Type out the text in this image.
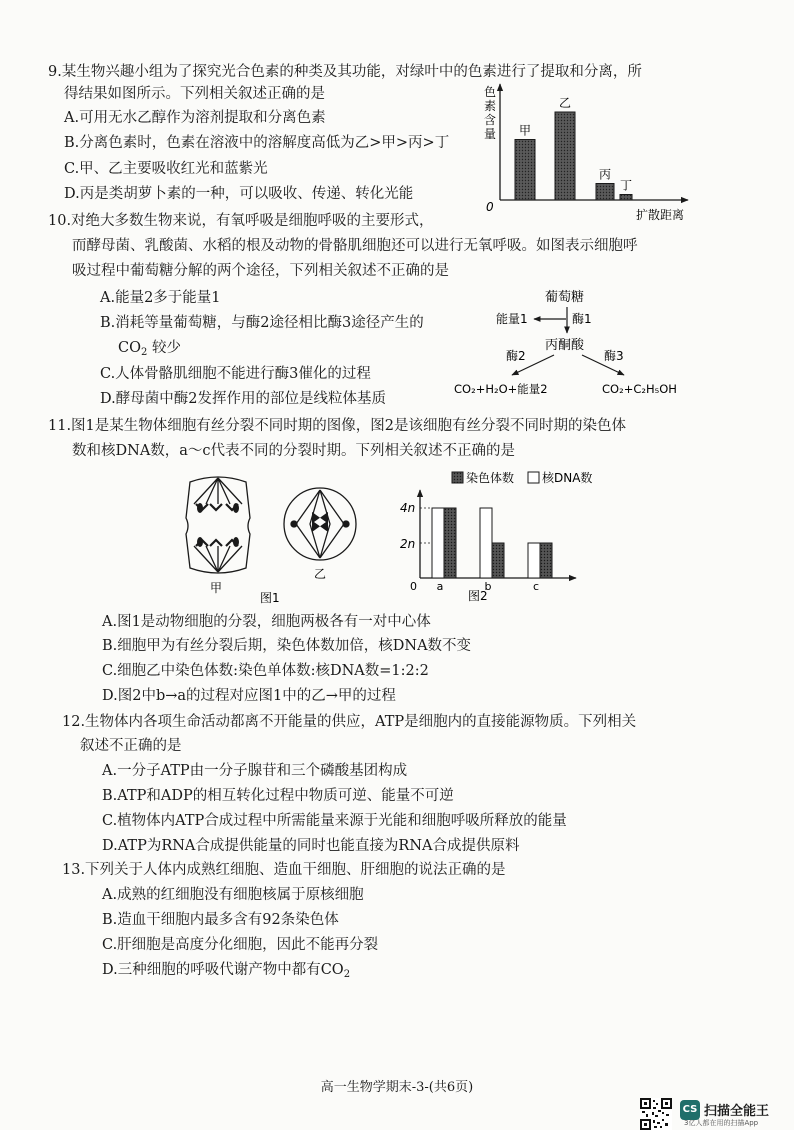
9.某生物兴趣小组为了探究光合色素的种类及其功能，对绿叶中的色素进行了提取和分离，所
得结果如图所示。下列相关叙述正确的是
A.可用无水乙醇作为溶剂提取和分离色素
B.分离色素时，色素在溶液中的溶解度高低为乙>甲>丙>丁
C.甲、乙主要吸收红光和蓝紫光
D.丙是类胡萝卜素的一种，可以吸收、传递、转化光能
色
素
含
量
0
扩散距离
甲
乙
丙
丁
10.对绝大多数生物来说，有氧呼吸是细胞呼吸的主要形式，
而酵母菌、乳酸菌、水稻的根及动物的骨骼肌细胞还可以进行无氧呼吸。如图表示细胞呼
吸过程中葡萄糖分解的两个途径，下列相关叙述不正确的是
A.能量2多于能量1
B.消耗等量葡萄糖，与酶2途径相比酶3途径产生的
$CO_2$ 较少
C.人体骨骼肌细胞不能进行酶3催化的过程
D.酵母菌中酶2发挥作用的部位是线粒体基质
葡萄糖
能量1	酶1
丙酮酸
酶2	酶3
CO₂+H₂O+能量2	CO₂+C₂H₅OH
11.图1是某生物体细胞有丝分裂不同时期的图像，图2是该细胞有丝分裂不同时期的染色体
数和核DNA数，a～c代表不同的分裂时期。下列相关叙述不正确的是
甲
乙
图1
染色体数 核DNA数
4n
2n
0 a	b	c
图2
A.图1是动物细胞的分裂，细胞两极各有一对中心体
B.细胞甲为有丝分裂后期，染色体数加倍，核DNA数不变
C.细胞乙中染色体数:染色单体数:核DNA数=1:2:2
D.图2中b→a的过程对应图1中的乙→甲的过程
12.生物体内各项生命活动都离不开能量的供应，ATP是细胞内的直接能源物质。下列相关
叙述不正确的是
A.一分子ATP由一分子腺苷和三个磷酸基团构成
B.ATP和ADP的相互转化过程中物质可逆、能量不可逆
C.植物体内ATP合成过程中所需能量来源于光能和细胞呼吸所释放的能量
D.ATP为RNA合成提供能量的同时也能直接为RNA合成提供原料
13.下列关于人体内成熟红细胞、造血干细胞、肝细胞的说法正确的是
A.成熟的红细胞没有细胞核属于原核细胞
B.造血干细胞内最多含有92条染色体
C.肝细胞是高度分化细胞，因此不能再分裂
D.三种细胞的呼吸代谢产物中都有$CO_2$
高一生物学期末-3-(共6页)
CS 扫描全能王
3亿人都在用的扫描App
